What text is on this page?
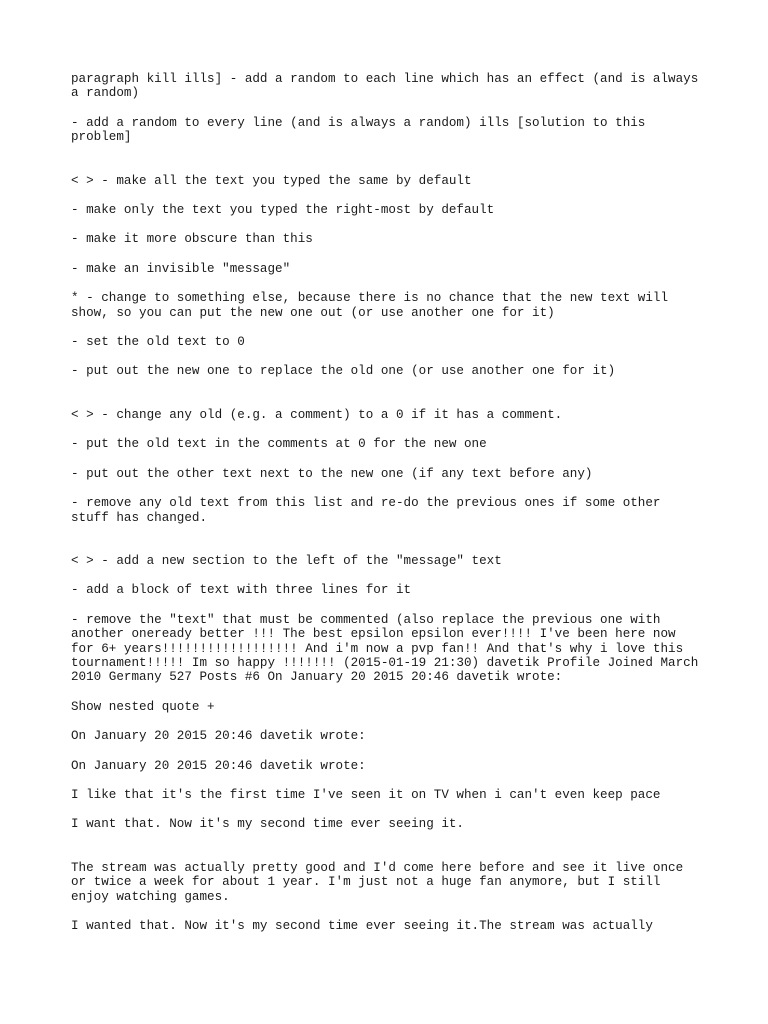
paragraph kill ills] - add a random to each line which has an effect (and is always a random)

- add a random to every line (and is always a random) ills [solution to this problem]

< > - make all the text you typed the same by default

- make only the text you typed the right-most by default

- make it more obscure than this

- make an invisible "message"

* - change to something else, because there is no chance that the new text will show, so you can put the new one out (or use another one for it)

- set the old text to 0

- put out the new one to replace the old one (or use another one for it)

< > - change any old (e.g. a comment) to a 0 if it has a comment.

- put the old text in the comments at 0 for the new one

- put out the other text next to the new one (if any text before any)

- remove any old text from this list and re-do the previous ones if some other stuff has changed.

< > - add a new section to the left of the "message" text

- add a block of text with three lines for it

- remove the "text" that must be commented (also replace the previous one with another oneready better !!! The best epsilon epsilon ever!!!! I've been here now for 6+ years!!!!!!!!!!!!!!!!!! And i'm now a pvp fan!! And that's why i love this tournament!!!!! Im so happy !!!!!!! (2015-01-19 21:30) davetik Profile Joined March 2010 Germany 527 Posts #6 On January 20 2015 20:46 davetik wrote:

Show nested quote +

On January 20 2015 20:46 davetik wrote:

On January 20 2015 20:46 davetik wrote:

I like that it's the first time I've seen it on TV when i can't even keep pace

I want that. Now it's my second time ever seeing it.

The stream was actually pretty good and I'd come here before and see it live once or twice a week for about 1 year. I'm just not a huge fan anymore, but I still enjoy watching games.

I wanted that. Now it's my second time ever seeing it.The stream was actually
